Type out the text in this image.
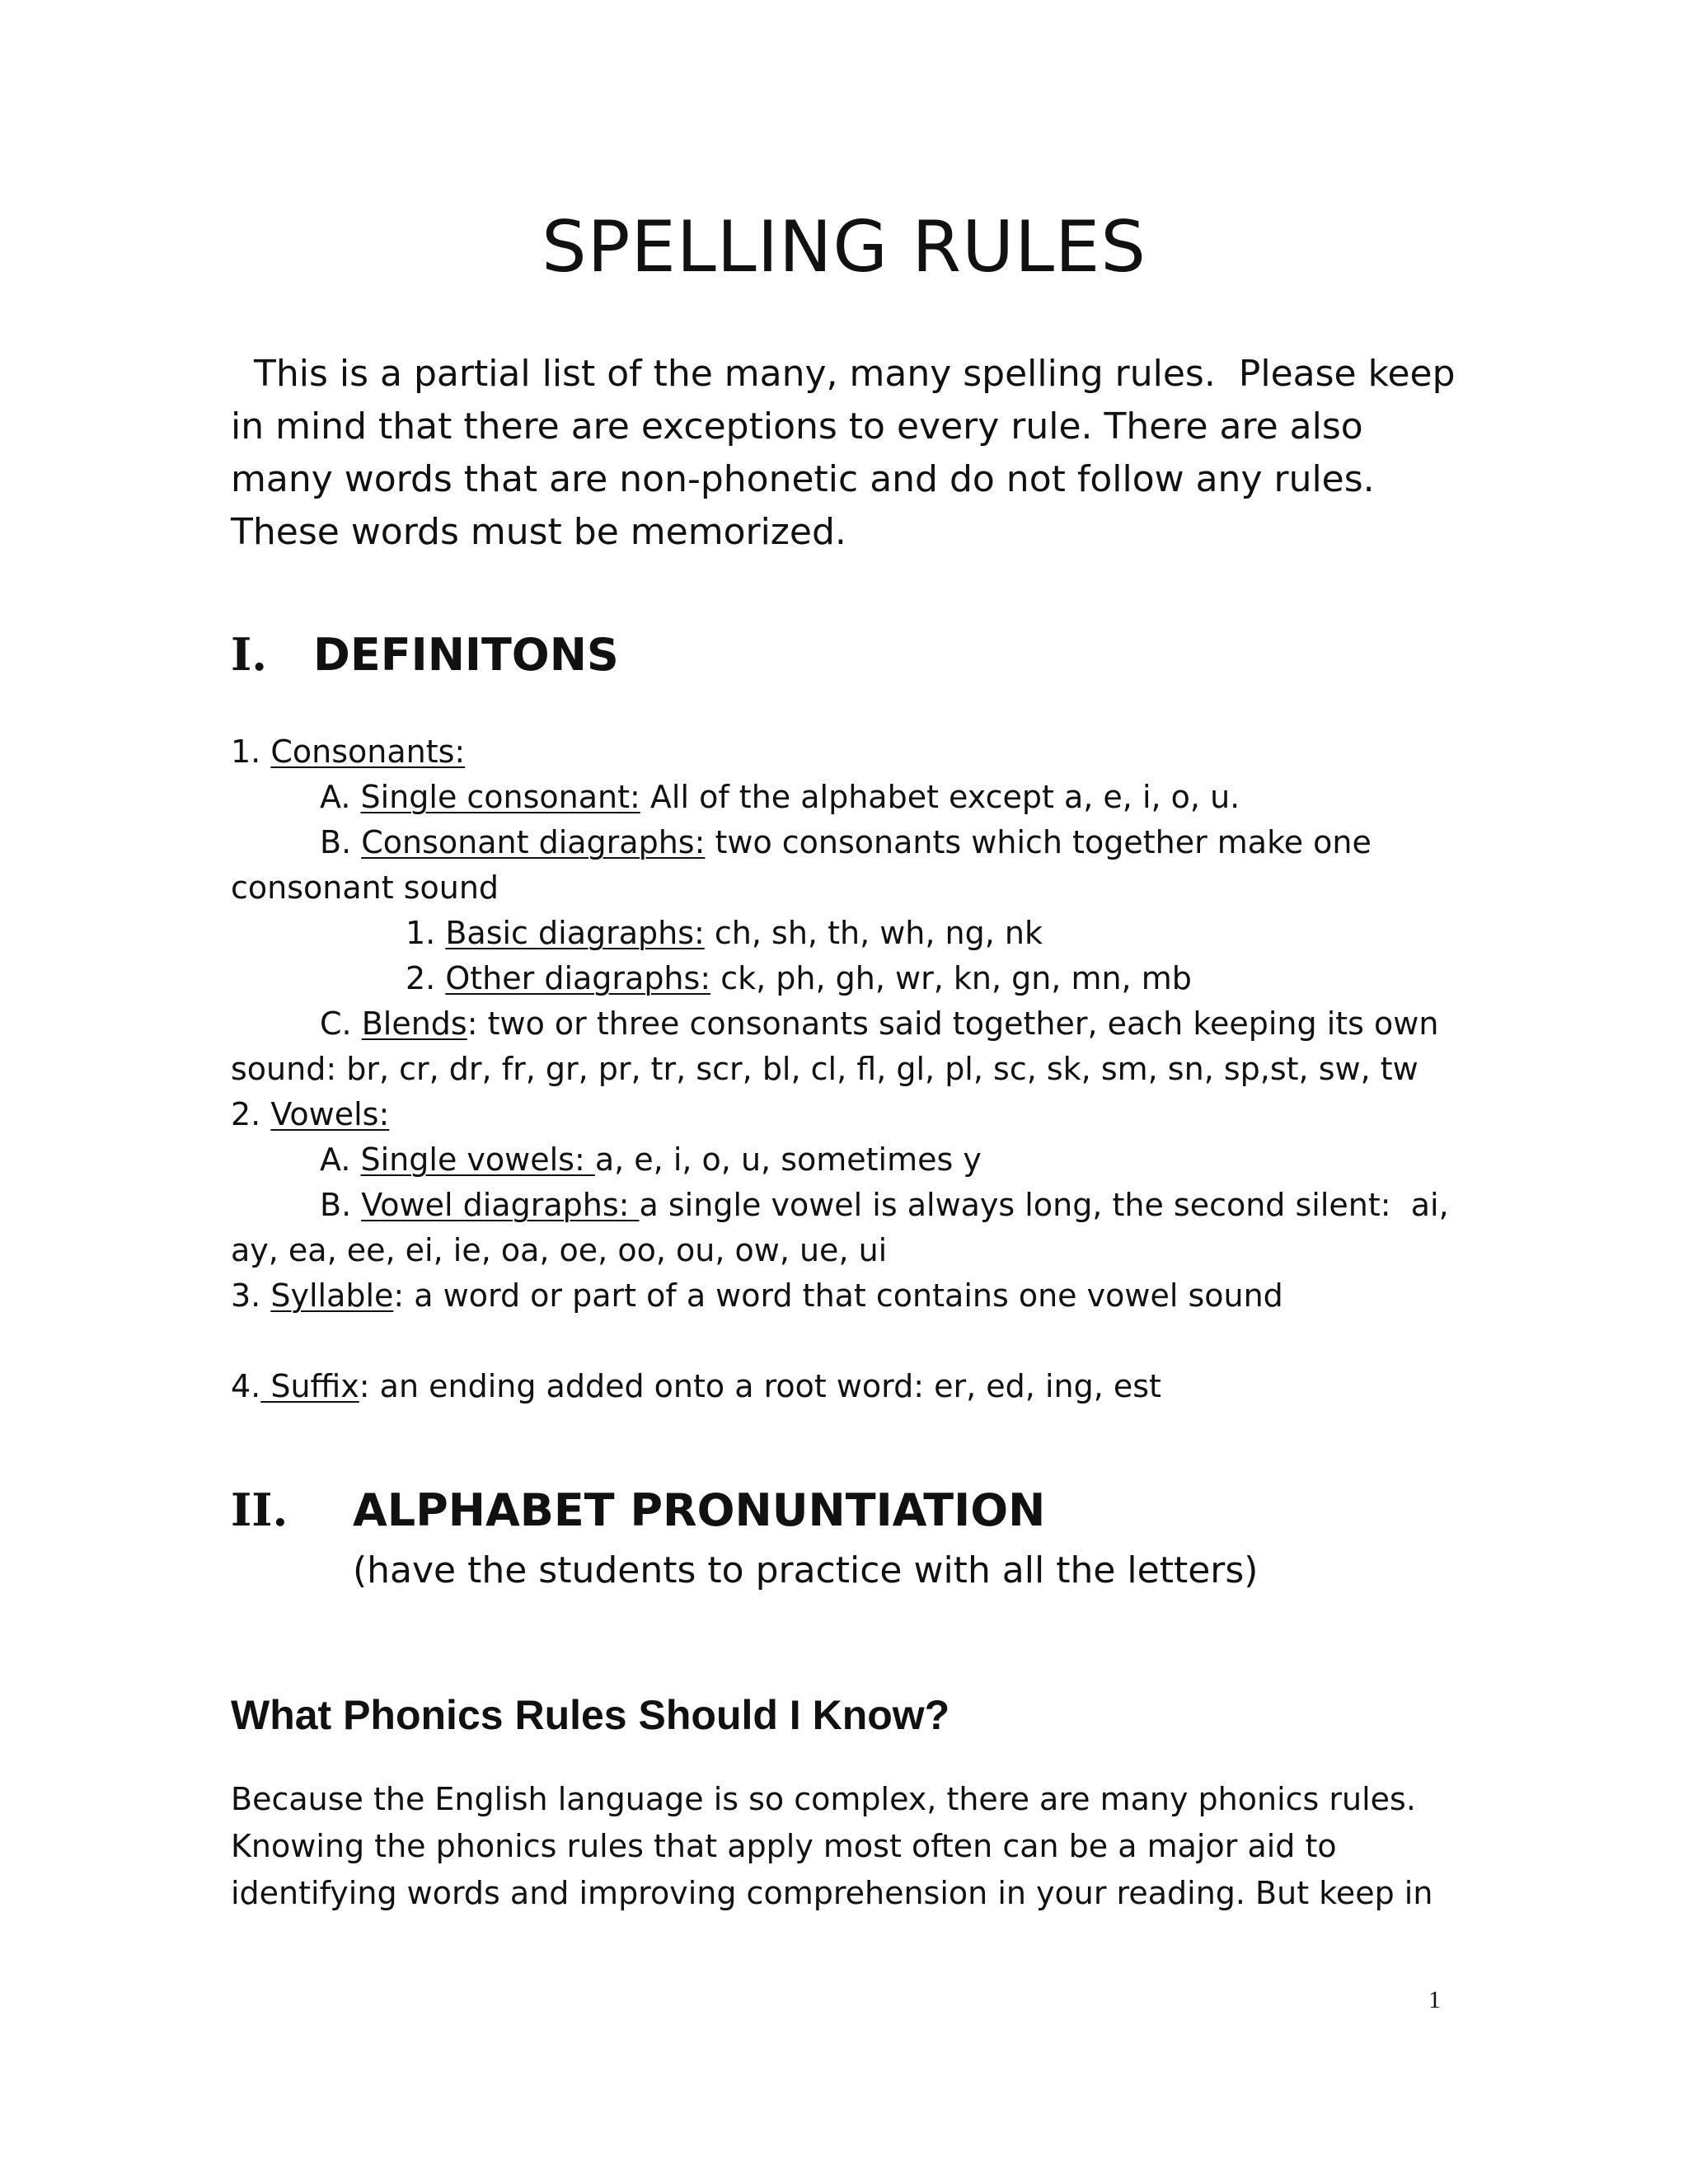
SPELLING RULES
This is a partial list of the many, many spelling rules.  Please keep
in mind that there are exceptions to every rule. There are also
many words that are non-phonetic and do not follow any rules.
These words must be memorized.
I. DEFINITONS
1. Consonants:
A. Single consonant: All of the alphabet except a, e, i, o, u.
B. Consonant diagraphs: two consonants which together make one
consonant sound
1. Basic diagraphs: ch, sh, th, wh, ng, nk
2. Other diagraphs: ck, ph, gh, wr, kn, gn, mn, mb
C. Blends: two or three consonants said together, each keeping its own
sound: br, cr, dr, fr, gr, pr, tr, scr, bl, cl, fl, gl, pl, sc, sk, sm, sn, sp,st, sw, tw
2. Vowels:
A. Single vowels: a, e, i, o, u, sometimes y
B. Vowel diagraphs: a single vowel is always long, the second silent:  ai,
ay, ea, ee, ei, ie, oa, oe, oo, ou, ow, ue, ui
3. Syllable: a word or part of a word that contains one vowel sound
4. Suffix: an ending added onto a root word: er, ed, ing, est
II. ALPHABET PRONUNTIATION
(have the students to practice with all the letters)
What Phonics Rules Should I Know?
Because the English language is so complex, there are many phonics rules.
Knowing the phonics rules that apply most often can be a major aid to
identifying words and improving comprehension in your reading. But keep in
1
